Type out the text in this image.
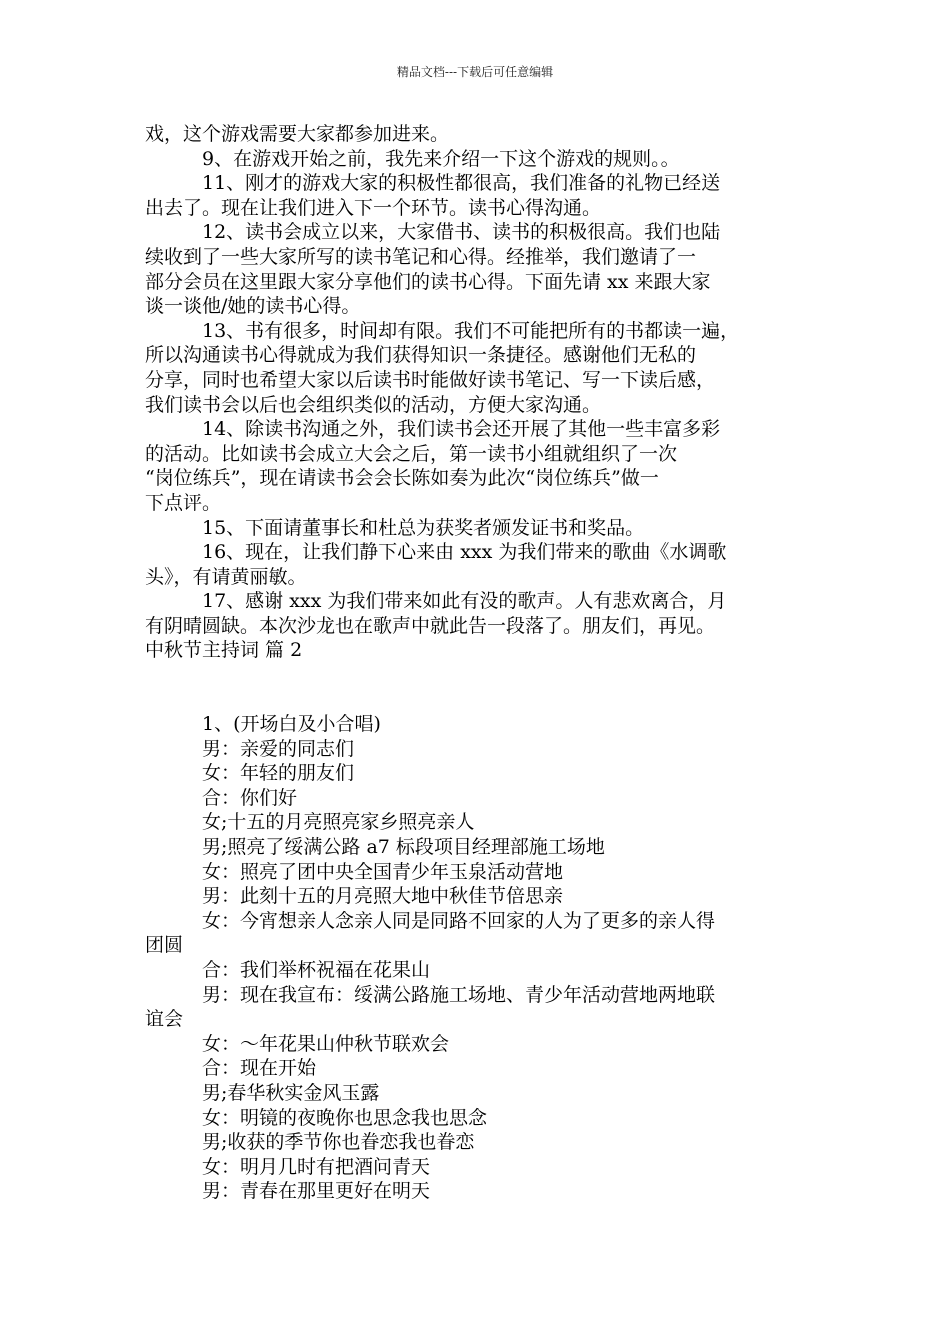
精品文档---下载后可任意编辑
戏，这个游戏需要大家都参加进来。
9、在游戏开始之前，我先来介绍一下这个游戏的规则。。
11、刚才的游戏大家的积极性都很高，我们准备的礼物已经送
出去了。现在让我们进入下一个环节。读书心得沟通。
12、读书会成立以来，大家借书、读书的积极很高。我们也陆
续收到了一些大家所写的读书笔记和心得。经推举，我们邀请了一
部分会员在这里跟大家分享他们的读书心得。下面先请 xx 来跟大家
谈一谈他/她的读书心得。
13、书有很多，时间却有限。我们不可能把所有的书都读一遍，
所以沟通读书心得就成为我们获得知识一条捷径。感谢他们无私的
分享，同时也希望大家以后读书时能做好读书笔记、写一下读后感，
我们读书会以后也会组织类似的活动，方便大家沟通。
14、除读书沟通之外，我们读书会还开展了其他一些丰富多彩
的活动。比如读书会成立大会之后，第一读书小组就组织了一次
“岗位练兵”，现在请读书会会长陈如奏为此次“岗位练兵”做一
下点评。
15、下面请董事长和杜总为获奖者颁发证书和奖品。
16、现在，让我们静下心来由 xxx 为我们带来的歌曲《水调歌
头》，有请黄丽敏。
17、感谢 xxx 为我们带来如此有没的歌声。人有悲欢离合，月
有阴晴圆缺。本次沙龙也在歌声中就此告一段落了。朋友们，再见。
中秋节主持词 篇 2
1、(开场白及小合唱)
男：亲爱的同志们
女：年轻的朋友们
合：你们好
女;十五的月亮照亮家乡照亮亲人
男;照亮了绥满公路 a7 标段项目经理部施工场地
女：照亮了团中央全国青少年玉泉活动营地
男：此刻十五的月亮照大地中秋佳节倍思亲
女：今宵想亲人念亲人同是同路不回家的人为了更多的亲人得
团圆
合：我们举杯祝福在花果山
男：现在我宣布：绥满公路施工场地、青少年活动营地两地联
谊会
女：～年花果山仲秋节联欢会
合：现在开始
男;春华秋实金风玉露
女：明镜的夜晚你也思念我也思念
男;收获的季节你也眷恋我也眷恋
女：明月几时有把酒问青天
男：青春在那里更好在明天
